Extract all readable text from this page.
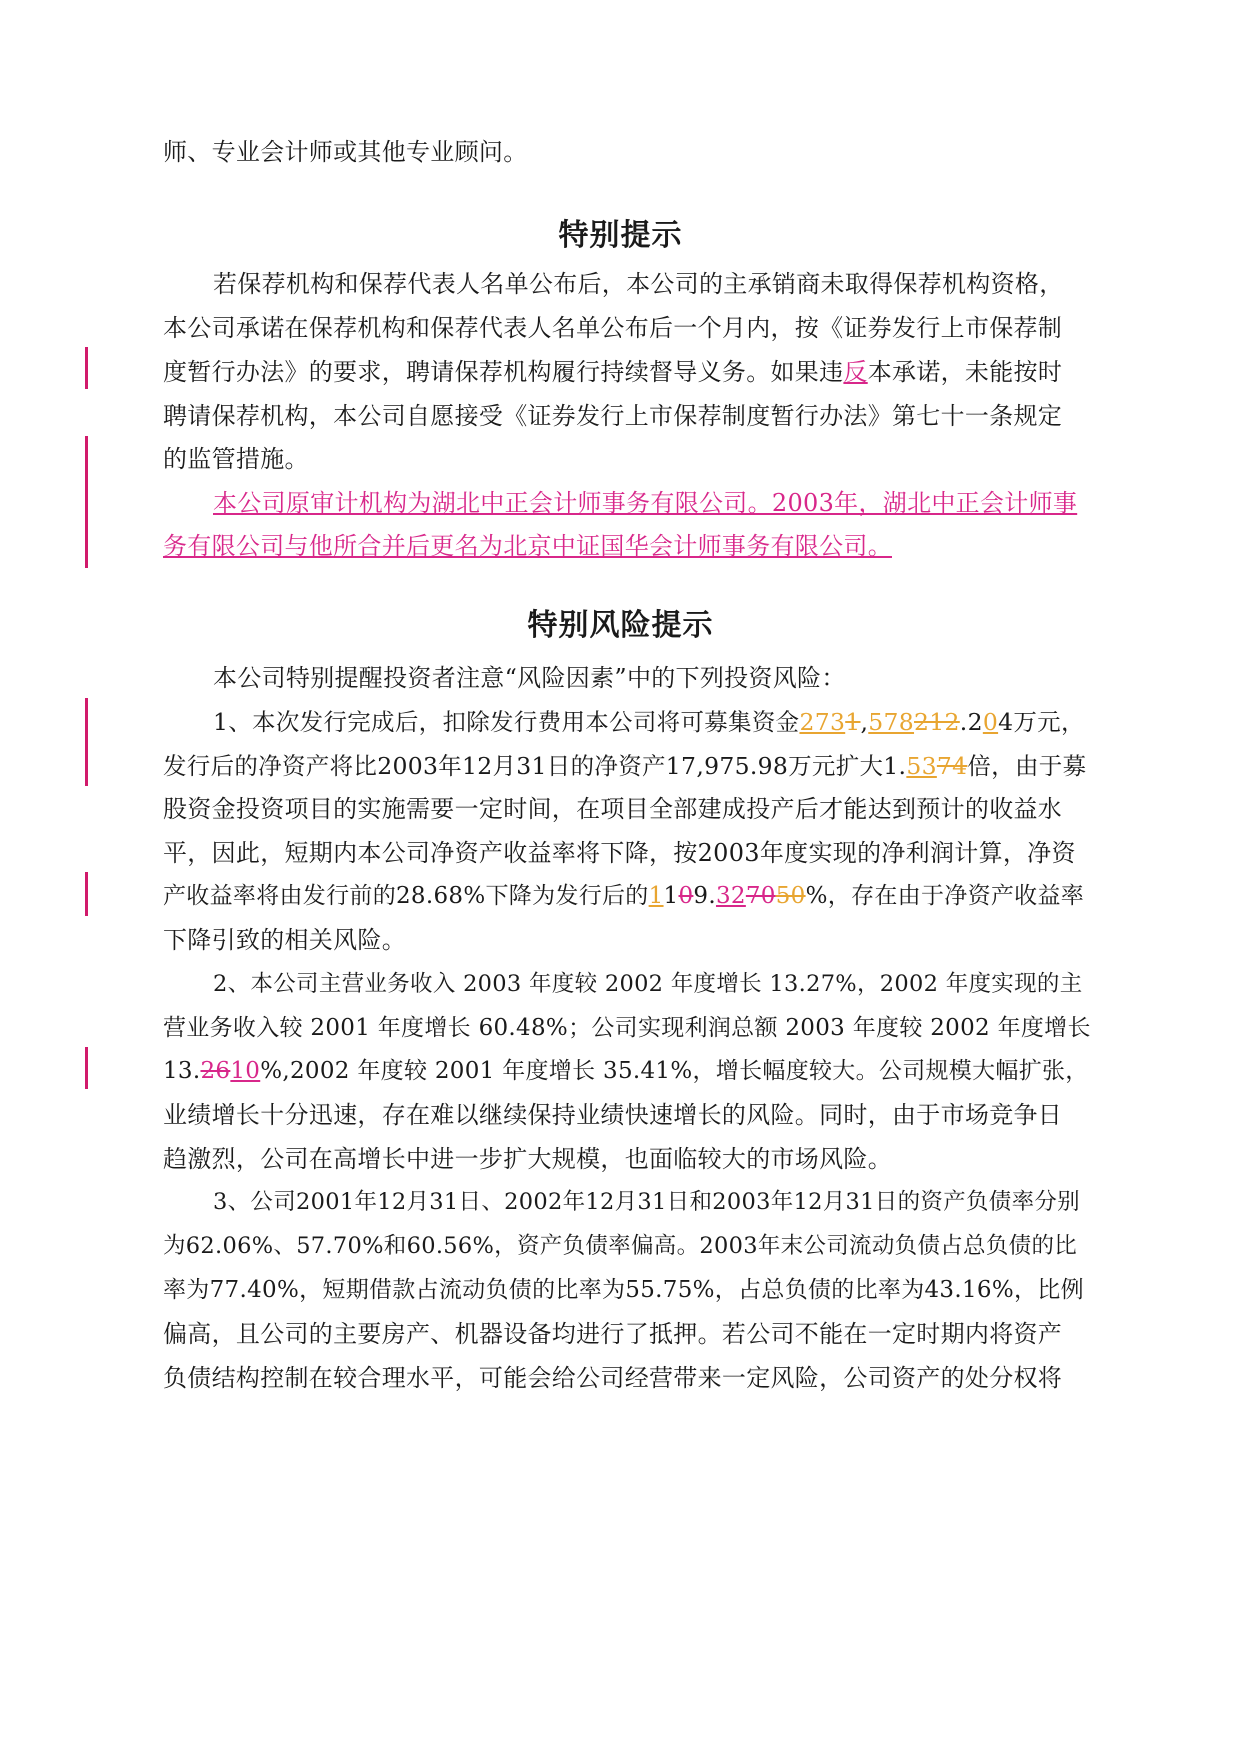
师、专业会计师或其他专业顾问。
特别提示
若保荐机构和保荐代表人名单公布后，本公司的主承销商未取得保荐机构资格，
本公司承诺在保荐机构和保荐代表人名单公布后一个月内，按《证券发行上市保荐制
度暂行办法》的要求，聘请保荐机构履行持续督导义务。如果违反本承诺，未能按时
聘请保荐机构，本公司自愿接受《证券发行上市保荐制度暂行办法》第七十一条规定
的监管措施。
本公司原审计机构为湖北中正会计师事务有限公司。2003年，湖北中正会计师事
务有限公司与他所合并后更名为北京中证国华会计师事务有限公司。
特别风险提示
本公司特别提醒投资者注意“风险因素”中的下列投资风险：
1、本次发行完成后，扣除发行费用本公司将可募集资金2731,578212.204万元，
发行后的净资产将比2003年12月31日的净资产17,975.98万元扩大1.5374倍，由于募
股资金投资项目的实施需要一定时间，在项目全部建成投产后才能达到预计的收益水
平，因此，短期内本公司净资产收益率将下降，按2003年度实现的净利润计算，净资
产收益率将由发行前的28.68%下降为发行后的1109.327050%，存在由于净资产收益率
下降引致的相关风险。
2、本公司主营业务收入 2003 年度较 2002 年度增长 13.27%，2002 年度实现的主
营业务收入较 2001 年度增长 60.48%；公司实现利润总额 2003 年度较 2002 年度增长
13.2610%,2002 年度较 2001 年度增长 35.41%，增长幅度较大。公司规模大幅扩张，
业绩增长十分迅速，存在难以继续保持业绩快速增长的风险。同时，由于市场竞争日
趋激烈，公司在高增长中进一步扩大规模，也面临较大的市场风险。
3、公司2001年12月31日、2002年12月31日和2003年12月31日的资产负债率分别
为62.06%、57.70%和60.56%，资产负债率偏高。2003年末公司流动负债占总负债的比
率为77.40%，短期借款占流动负债的比率为55.75%，占总负债的比率为43.16%，比例
偏高，且公司的主要房产、机器设备均进行了抵押。若公司不能在一定时期内将资产
负债结构控制在较合理水平，可能会给公司经营带来一定风险，公司资产的处分权将
